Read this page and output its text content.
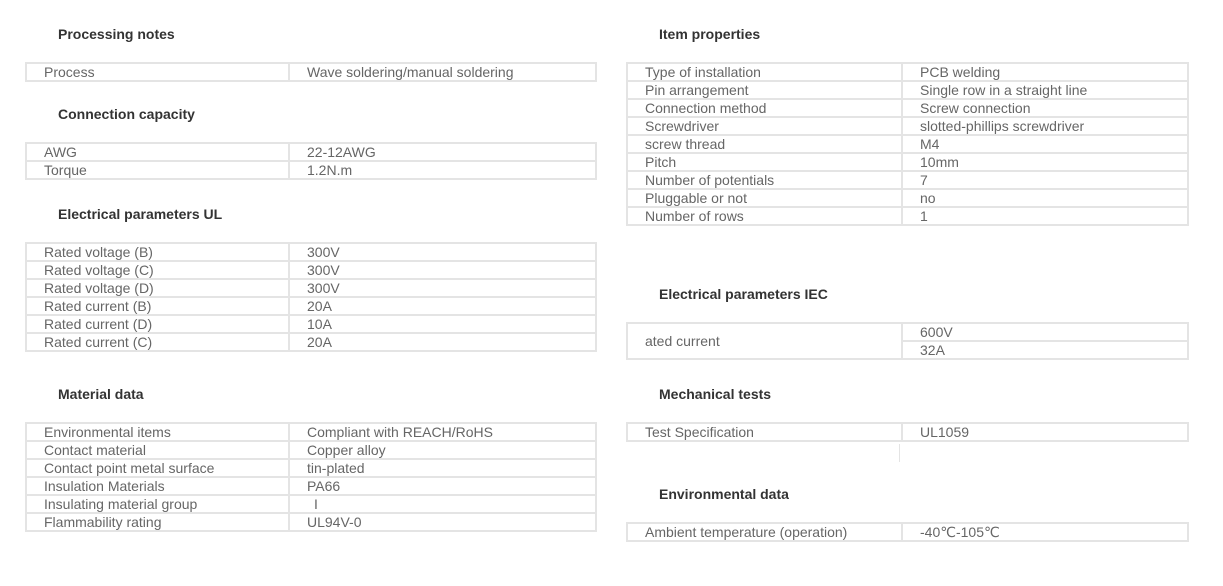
Processing notes
Process	Wave soldering/manual soldering
Connection capacity
AWG	22-12AWG
Torque	1.2N.m
Electrical parameters UL
Rated voltage (B)	300V
Rated voltage (C)	300V
Rated voltage (D)	300V
Rated current (B)	20A
Rated current (D)	10A
Rated current (C)	20A
Material data
Environmental items	Compliant with REACH/RoHS
Contact material	Copper alloy
Contact point metal surface	tin-plated
Insulation Materials	PA66
Insulating material group	I
Flammability rating	UL94V-0
Item properties
Type of installation	PCB welding
Pin arrangement	Single row in a straight line
Connection method	Screw connection
Screwdriver	slotted-phillips screwdriver
screw thread	M4
Pitch	10mm
Number of potentials	7
Pluggable or not	no
Number of rows	1
Electrical parameters IEC
ated current	600V
32A
Mechanical tests
Test Specification	UL1059
Environmental data
Ambient temperature (operation)	-40℃-105℃
